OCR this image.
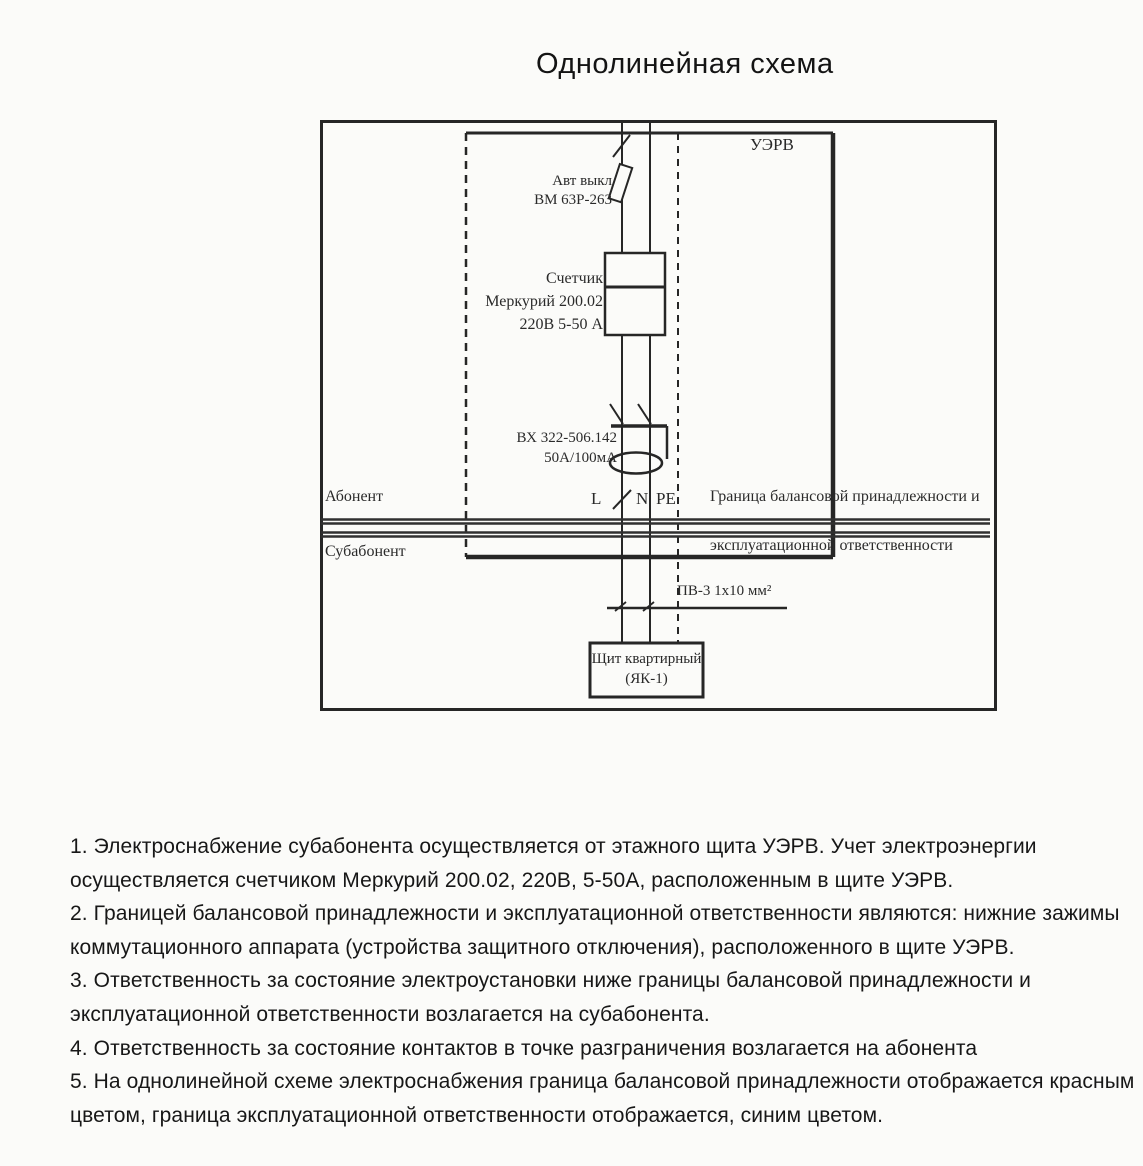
Однолинейная схема
УЭРВ
Авт выкл
ВМ 63Р-263
Счетчик
Меркурий 200.02
220В 5-50 А
ВХ 322-506.142
50А/100мА
L N PE
Абонент
Субабонент
Граница балансовой принадлежности и
эксплуатационной ответственности
ПВ-3 1х10 мм²
Щит квартирный
(ЯК-1)

1. Электроснабжение субабонента осуществляется от этажного щита УЭРВ. Учет электроэнергии осуществляется счетчиком Меркурий 200.02, 220В, 5-50А, расположенным в щите УЭРВ.

2. Границей балансовой принадлежности и эксплуатационной ответственности являются: нижние зажимы коммутационного аппарата (устройства защитного отключения), расположенного в щите УЭРВ.

3. Ответственность за состояние электроустановки ниже границы балансовой принадлежности и эксплуатационной ответственности возлагается на субабонента.

4. Ответственность за состояние контактов в точке разграничения возлагается на абонента

5. На однолинейной схеме электроснабжения граница балансовой принадлежности отображается красным цветом, граница эксплуатационной ответственности отображается, синим цветом.
